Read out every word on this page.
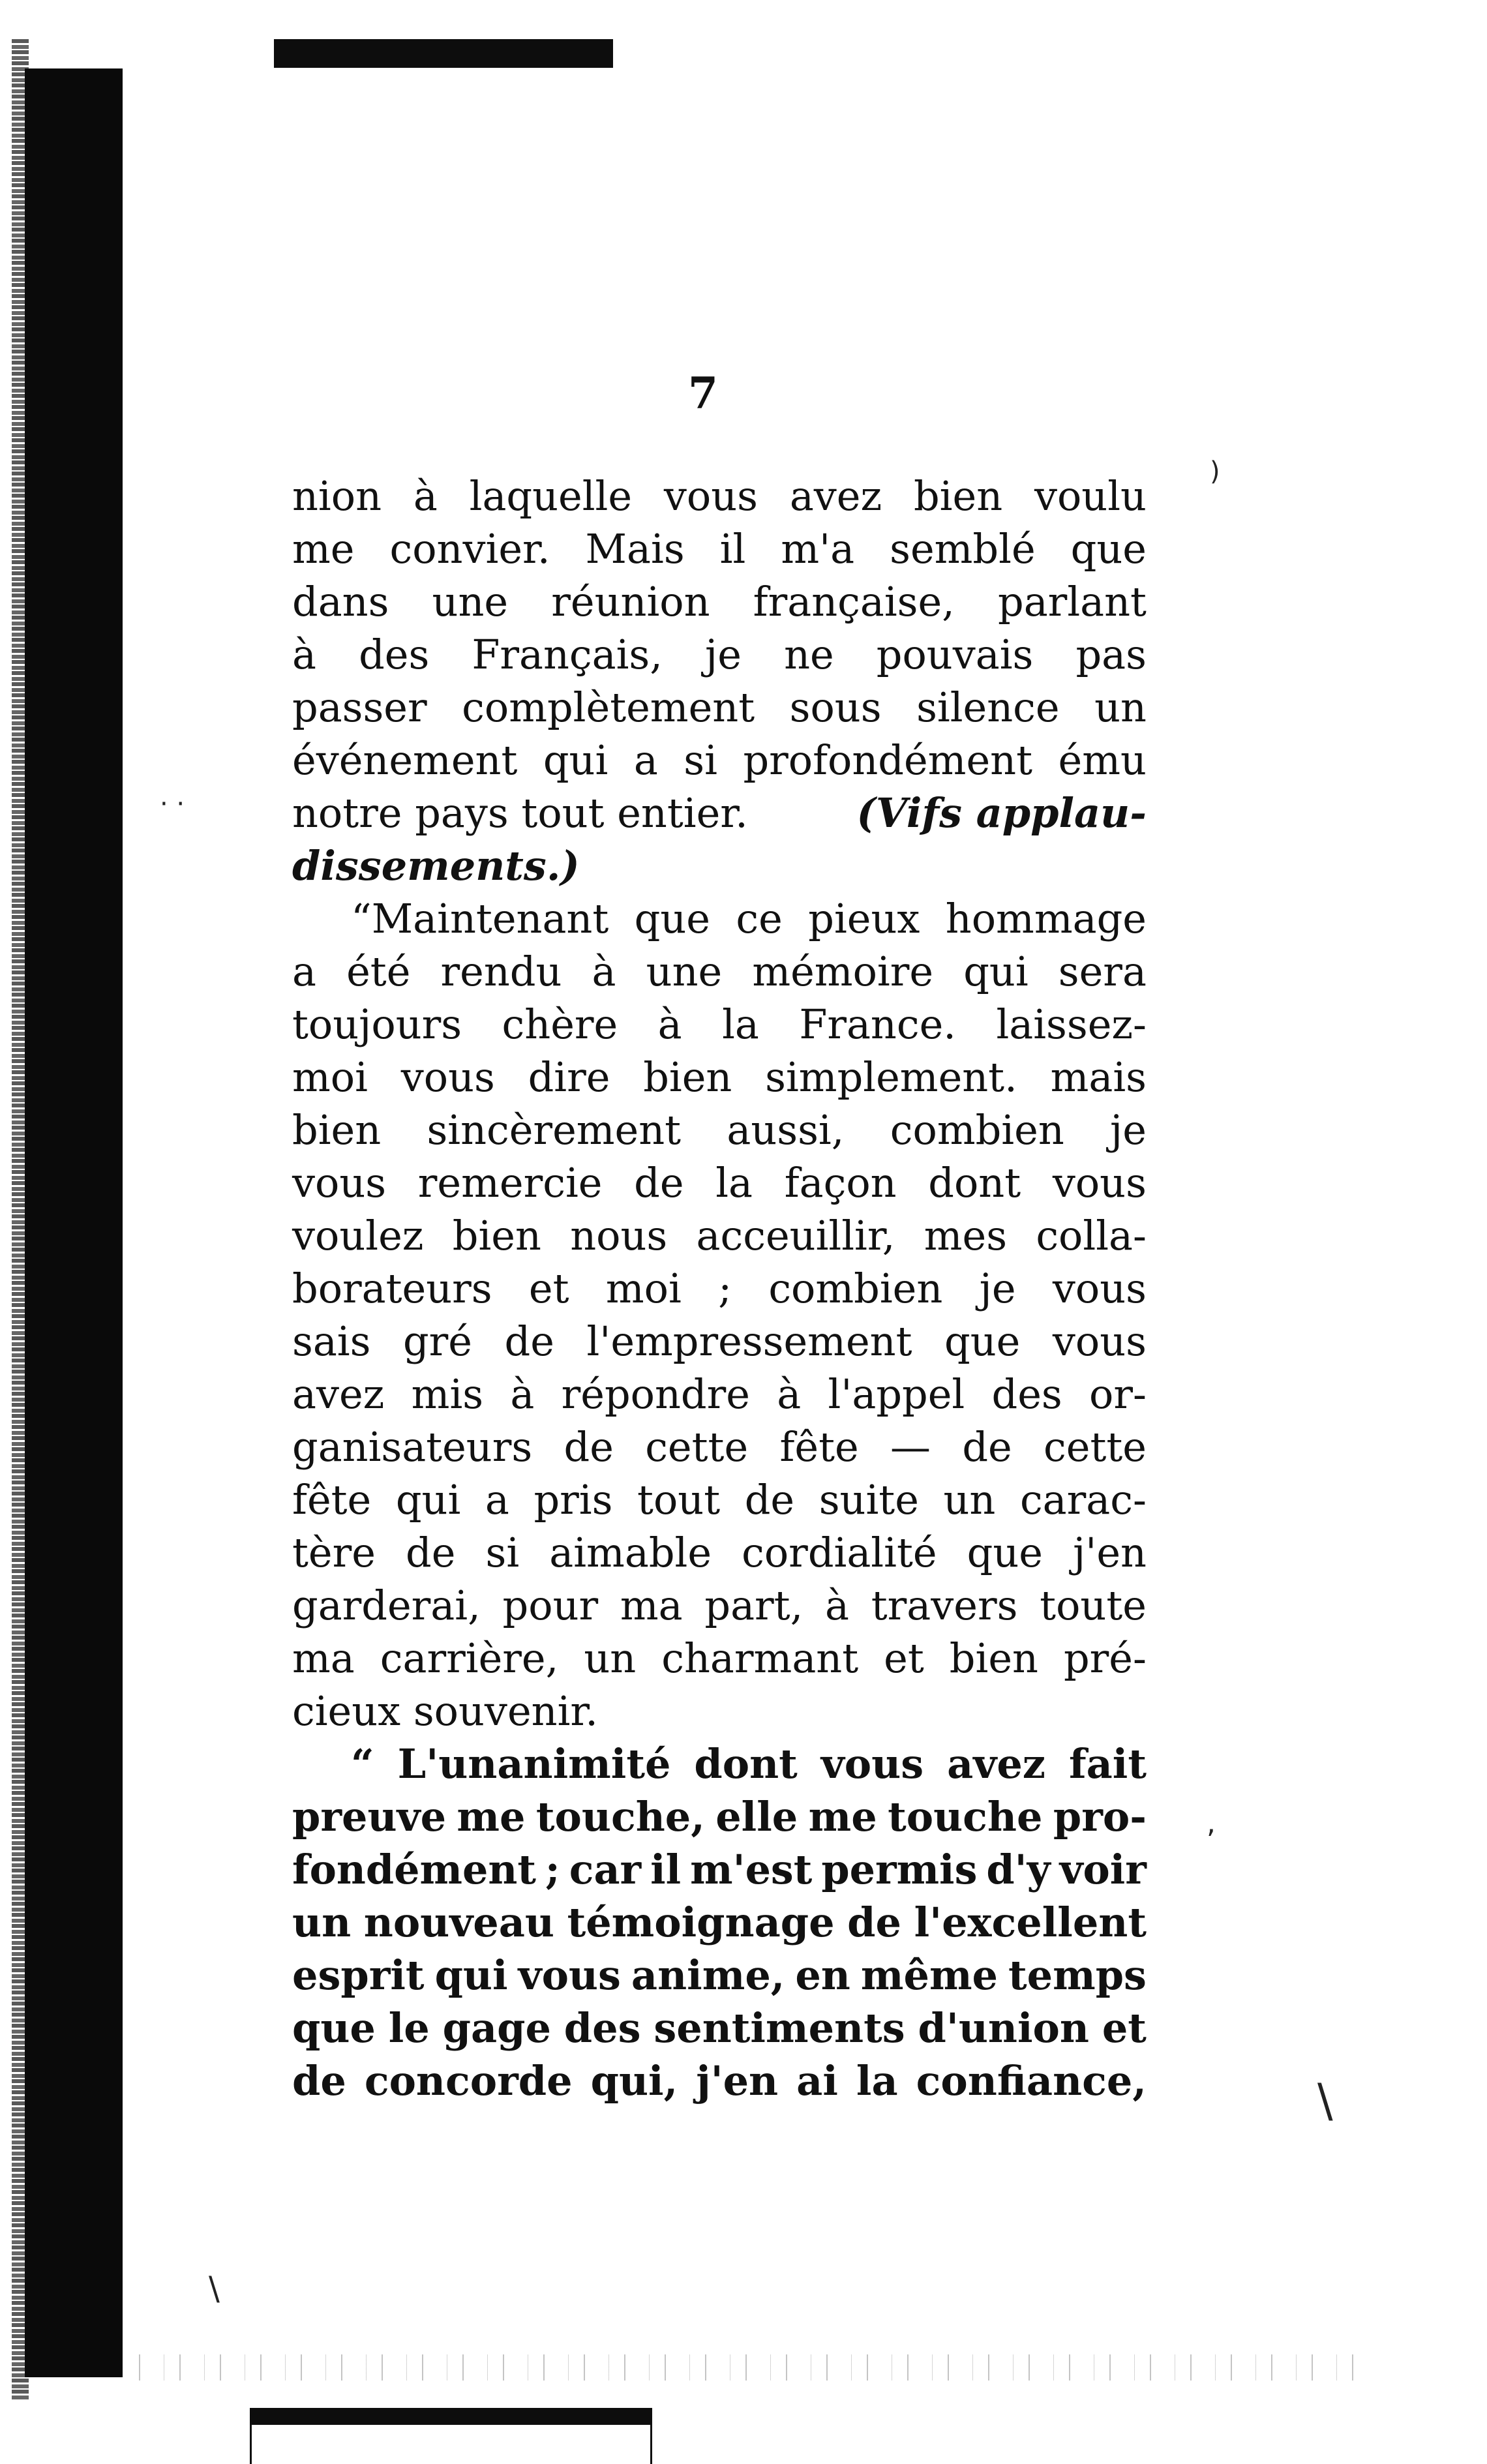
)
\
\
,
· ·
7
nion à laquelle vous avez bien voulu
me convier. Mais il m'a semblé que
dans une réunion française, parlant
à des Français, je ne pouvais pas
passer complètement sous silence un
événement qui a si profondément ému
notre pays tout entier.	(Vifs applau-
dissements.)
“Maintenant que ce pieux hommage
a été rendu à une mémoire qui sera
toujours chère à la France. laissez-
moi vous dire bien simplement. mais
bien sincèrement aussi, combien je
vous remercie de la façon dont vous
voulez bien nous acceuillir, mes colla-
borateurs et moi ; combien je vous
sais gré de l'empressement que vous
avez mis à répondre à l'appel des or-
ganisateurs de cette fête — de cette
fête qui a pris tout de suite un carac-
tère de si aimable cordialité que j'en
garderai, pour ma part, à travers toute
ma carrière, un charmant et bien pré-
cieux souvenir.
“ L'unanimité dont vous avez fait
preuve me touche, elle me touche pro-
fondément ; car il m'est permis d'y voir
un nouveau témoignage de l'excellent
esprit qui vous anime, en même temps
que le gage des sentiments d'union et
de concorde qui, j'en ai la confiance,
